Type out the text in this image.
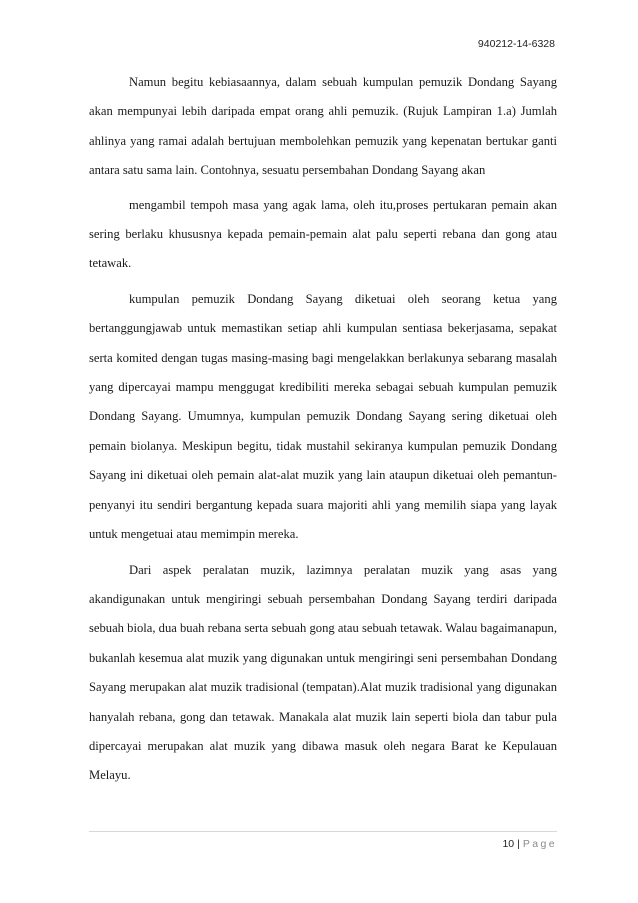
940212-14-6328

Namun begitu kebiasaannya, dalam sebuah kumpulan pemuzik Dondang Sayang akan mempunyai lebih daripada empat orang ahli pemuzik. (Rujuk Lampiran 1.a) Jumlah ahlinya yang ramai adalah bertujuan membolehkan pemuzik yang kepenatan bertukar ganti antara satu sama lain. Contohnya, sesuatu persembahan Dondang Sayang akan

mengambil tempoh masa yang agak lama, oleh itu,proses pertukaran pemain akan sering berlaku khususnya kepada pemain-pemain alat palu seperti rebana dan gong atau tetawak.

kumpulan pemuzik Dondang Sayang diketuai oleh seorang ketua yang bertanggungjawab untuk memastikan setiap ahli kumpulan sentiasa bekerjasama, sepakat serta komited dengan tugas masing-masing bagi mengelakkan berlakunya sebarang masalah yang dipercayai mampu menggugat kredibiliti mereka sebagai sebuah kumpulan pemuzik Dondang Sayang. Umumnya, kumpulan pemuzik Dondang Sayang sering diketuai oleh pemain biolanya. Meskipun begitu, tidak mustahil sekiranya kumpulan pemuzik Dondang Sayang ini diketuai oleh pemain alat-alat muzik yang lain ataupun diketuai oleh pemantun-penyanyi itu sendiri bergantung kepada suara majoriti ahli yang memilih siapa yang layak untuk mengetuai atau memimpin mereka.

Dari aspek peralatan muzik, lazimnya peralatan muzik yang asas yang akandigunakan untuk mengiringi sebuah persembahan Dondang Sayang terdiri daripada sebuah biola, dua buah rebana serta sebuah gong atau sebuah tetawak. Walau bagaimanapun, bukanlah kesemua alat muzik yang digunakan untuk mengiringi seni persembahan Dondang Sayang merupakan alat muzik tradisional (tempatan).Alat muzik tradisional yang digunakan hanyalah rebana, gong dan tetawak. Manakala alat muzik lain seperti biola dan tabur pula dipercayai merupakan alat muzik yang dibawa masuk oleh negara Barat ke Kepulauan Melayu.

10 | Page
